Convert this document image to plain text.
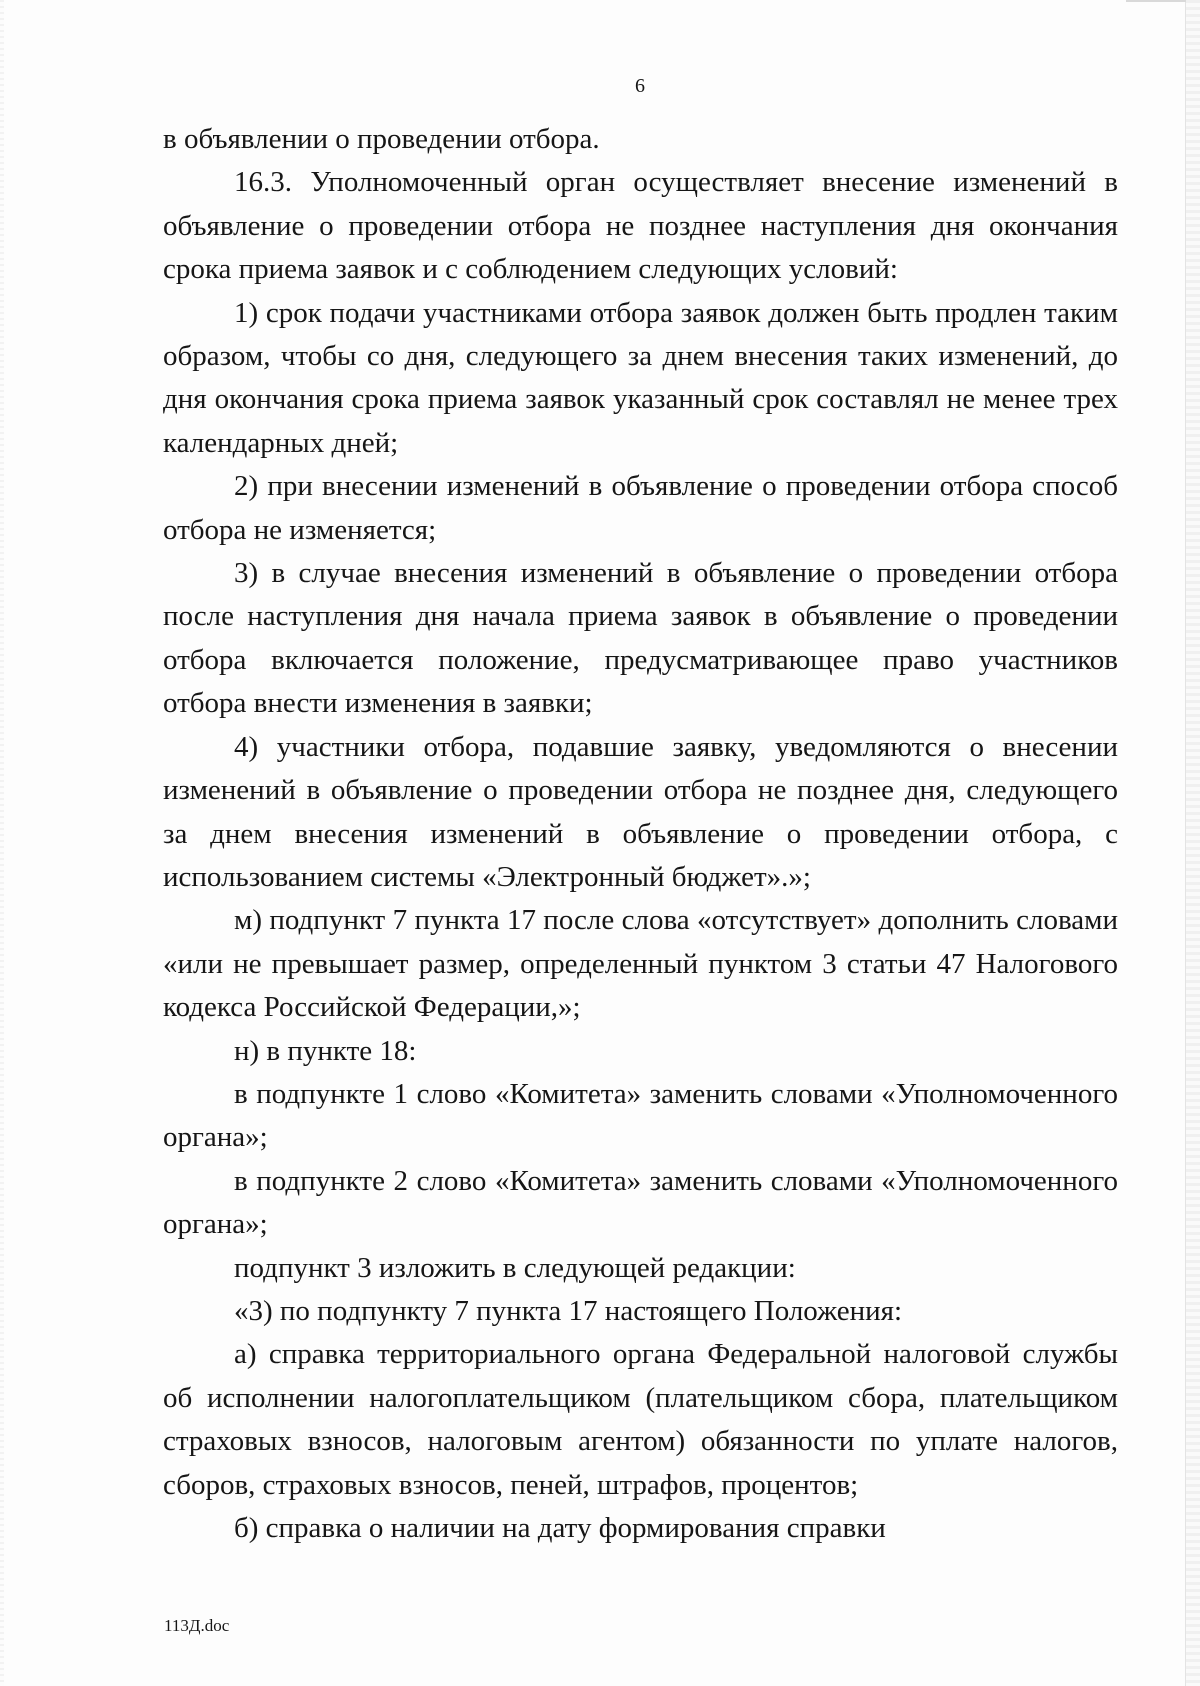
6

в объявлении о проведении отбора.

16.3. Уполномоченный орган осуществляет внесение изменений в объявление о проведении отбора не позднее наступления дня окончания срока приема заявок и с соблюдением следующих условий:

1) срок подачи участниками отбора заявок должен быть продлен таким образом, чтобы со дня, следующего за днем внесения таких изменений, до дня окончания срока приема заявок указанный срок составлял не менее трех календарных дней;

2) при внесении изменений в объявление о проведении отбора способ отбора не изменяется;

3) в случае внесения изменений в объявление о проведении отбора после наступления дня начала приема заявок в объявление о проведении отбора включается положение, предусматривающее право участников отбора внести изменения в заявки;

4) участники отбора, подавшие заявку, уведомляются о внесении изменений в объявление о проведении отбора не позднее дня, следующего за днем внесения изменений в объявление о проведении отбора, с использованием системы «Электронный бюджет».»;

м) подпункт 7 пункта 17 после слова «отсутствует» дополнить словами «или не превышает размер, определенный пунктом 3 статьи 47 Налогового кодекса Российской Федерации,»;

н) в пункте 18:

в подпункте 1 слово «Комитета» заменить словами «Уполномоченного органа»;

в подпункте 2 слово «Комитета» заменить словами «Уполномоченного органа»;

подпункт 3 изложить в следующей редакции:

«3) по подпункту 7 пункта 17 настоящего Положения:

а) справка территориального органа Федеральной налоговой службы об исполнении налогоплательщиком (плательщиком сбора, плательщиком страховых взносов, налоговым агентом) обязанности по уплате налогов, сборов, страховых взносов, пеней, штрафов, процентов;

б) справка о наличии на дату формирования справки

113Д.doc
